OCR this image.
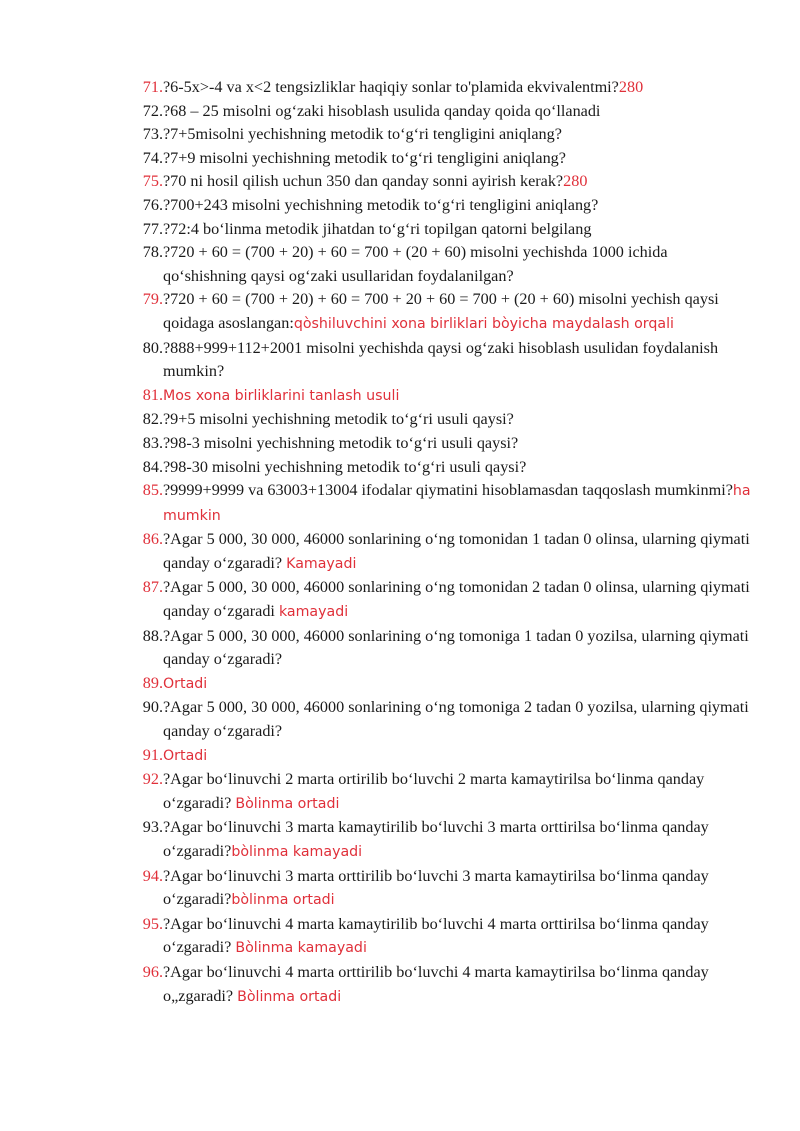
71. ?6-5x>-4 va x<2 tengsizliklar haqiqiy sonlar to'plamida ekvivalentmi?280
72. ?68 – 25 misolni og‘zaki hisoblash usulida qanday qoida qo‘llanadi
73. ?7+5misolni yechishning metodik to‘g‘ri tengligini aniqlang?
74. ?7+9 misolni yechishning metodik to‘g‘ri tengligini aniqlang?
75. ?70 ni hosil qilish uchun 350 dan qanday sonni ayirish kerak?280
76. ?700+243 misolni yechishning metodik to‘g‘ri tengligini aniqlang?
77. ?72:4 bo‘linma metodik jihatdan to‘g‘ri topilgan qatorni belgilang
78. ?720 + 60 = (700 + 20) + 60 = 700 + (20 + 60) misolni yechishda 1000 ichida qo‘shishning qaysi og‘zaki usullaridan foydalanilgan?
79. ?720 + 60 = (700 + 20) + 60 = 700 + 20 + 60 = 700 + (20 + 60) misolni yechish qaysi qoidaga asoslangan:qòshiluvchini xona birliklari bòyicha maydalash orqali
80. ?888+999+112+2001 misolni yechishda qaysi og‘zaki hisoblash usulidan foydalanish mumkin?
81. Mos xona birliklarini tanlash usuli
82. ?9+5 misolni yechishning metodik to‘g‘ri usuli qaysi?
83. ?98-3 misolni yechishning metodik to‘g‘ri usuli qaysi?
84. ?98-30 misolni yechishning metodik to‘g‘ri usuli qaysi?
85. ?9999+9999 va 63003+13004 ifodalar qiymatini hisoblamasdan taqqoslash mumkinmi?ha mumkin
86. ?Agar 5 000, 30 000, 46000 sonlarining o‘ng tomonidan 1 tadan 0 olinsa, ularning qiymati qanday o‘zgaradi? Kamayadi
87. ?Agar 5 000, 30 000, 46000 sonlarining o‘ng tomonidan 2 tadan 0 olinsa, ularning qiymati qanday o‘zgaradi kamayadi
88. ?Agar 5 000, 30 000, 46000 sonlarining o‘ng tomoniga 1 tadan 0 yozilsa, ularning qiymati qanday o‘zgaradi?
89. Ortadi
90. ?Agar 5 000, 30 000, 46000 sonlarining o‘ng tomoniga 2 tadan 0 yozilsa, ularning qiymati qanday o‘zgaradi?
91. Ortadi
92. ?Agar bo‘linuvchi 2 marta ortirilib bo‘luvchi 2 marta kamaytirilsa bo‘linma qanday o‘zgaradi? Bòlinma ortadi
93. ?Agar bo‘linuvchi 3 marta kamaytirilib bo‘luvchi 3 marta orttirilsa bo‘linma qanday o‘zgaradi?bòlinma kamayadi
94. ?Agar bo‘linuvchi 3 marta orttirilib bo‘luvchi 3 marta kamaytirilsa bo‘linma qanday o‘zgaradi?bòlinma ortadi
95. ?Agar bo‘linuvchi 4 marta kamaytirilib bo‘luvchi 4 marta orttirilsa bo‘linma qanday o‘zgaradi? Bòlinma kamayadi
96. ?Agar bo‘linuvchi 4 marta orttirilib bo‘luvchi 4 marta kamaytirilsa bo‘linma qanday o„zgaradi? Bòlinma ortadi
